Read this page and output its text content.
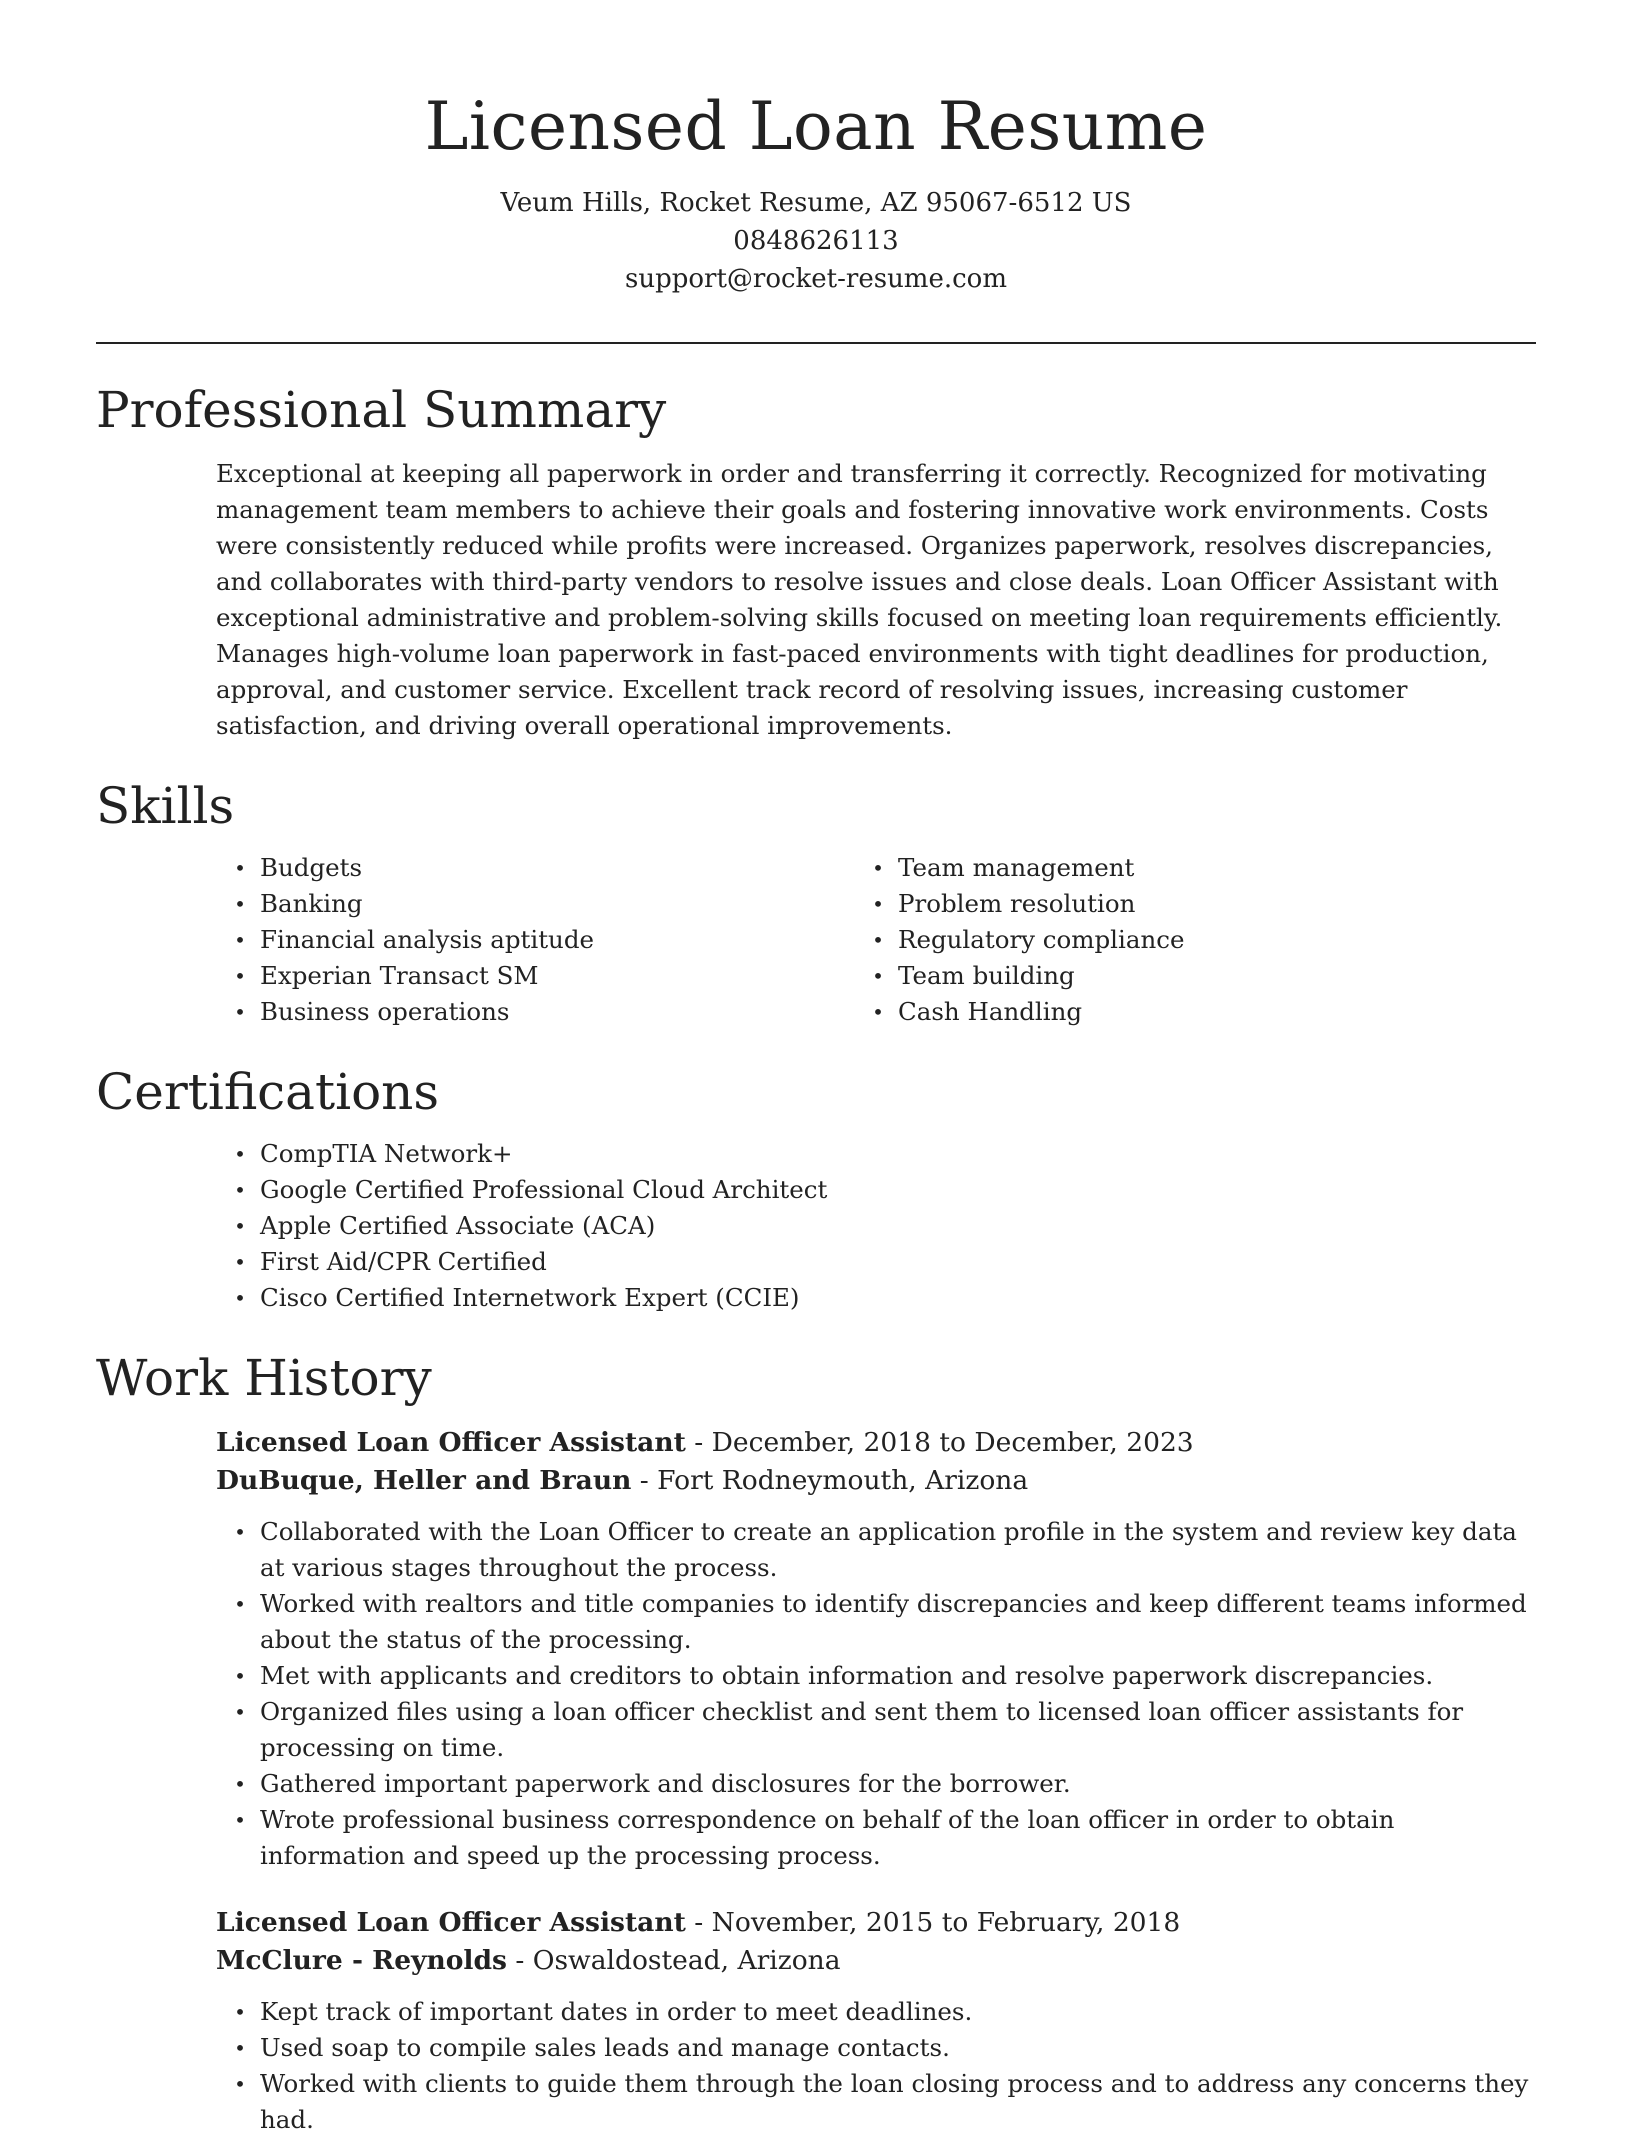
Licensed Loan Resume
Veum Hills, Rocket Resume, AZ 95067-6512 US
0848626113
support@rocket-resume.com
Professional Summary

Exceptional at keeping all paperwork in order and transferring it correctly. Recognized for motivating management team members to achieve their goals and fostering innovative work environments. Costs were consistently reduced while profits were increased. Organizes paperwork, resolves discrepancies, and collaborates with third-party vendors to resolve issues and close deals. Loan Officer Assistant with exceptional administrative and problem-solving skills focused on meeting loan requirements efficiently. Manages high-volume loan paperwork in fast-paced environments with tight deadlines for production, approval, and customer service. Excellent track record of resolving issues, increasing customer satisfaction, and driving overall operational improvements.

Skills
• Budgets
• Banking
• Financial analysis aptitude
• Experian Transact SM
• Business operations
• Team management
• Problem resolution
• Regulatory compliance
• Team building
• Cash Handling
Certifications
• CompTIA Network+
• Google Certified Professional Cloud Architect
• Apple Certified Associate (ACA)
• First Aid/CPR Certified
• Cisco Certified Internetwork Expert (CCIE)
Work History
Licensed Loan Officer Assistant - December, 2018 to December, 2023
DuBuque, Heller and Braun - Fort Rodneymouth, Arizona
• Collaborated with the Loan Officer to create an application profile in the system and review key data at various stages throughout the process.
• Worked with realtors and title companies to identify discrepancies and keep different teams informed about the status of the processing.
• Met with applicants and creditors to obtain information and resolve paperwork discrepancies.
• Organized files using a loan officer checklist and sent them to licensed loan officer assistants for processing on time.
• Gathered important paperwork and disclosures for the borrower.
• Wrote professional business correspondence on behalf of the loan officer in order to obtain information and speed up the processing process.
Licensed Loan Officer Assistant - November, 2015 to February, 2018
McClure - Reynolds - Oswaldostead, Arizona
• Kept track of important dates in order to meet deadlines.
• Used soap to compile sales leads and manage contacts.
• Worked with clients to guide them through the loan closing process and to address any concerns they had.
